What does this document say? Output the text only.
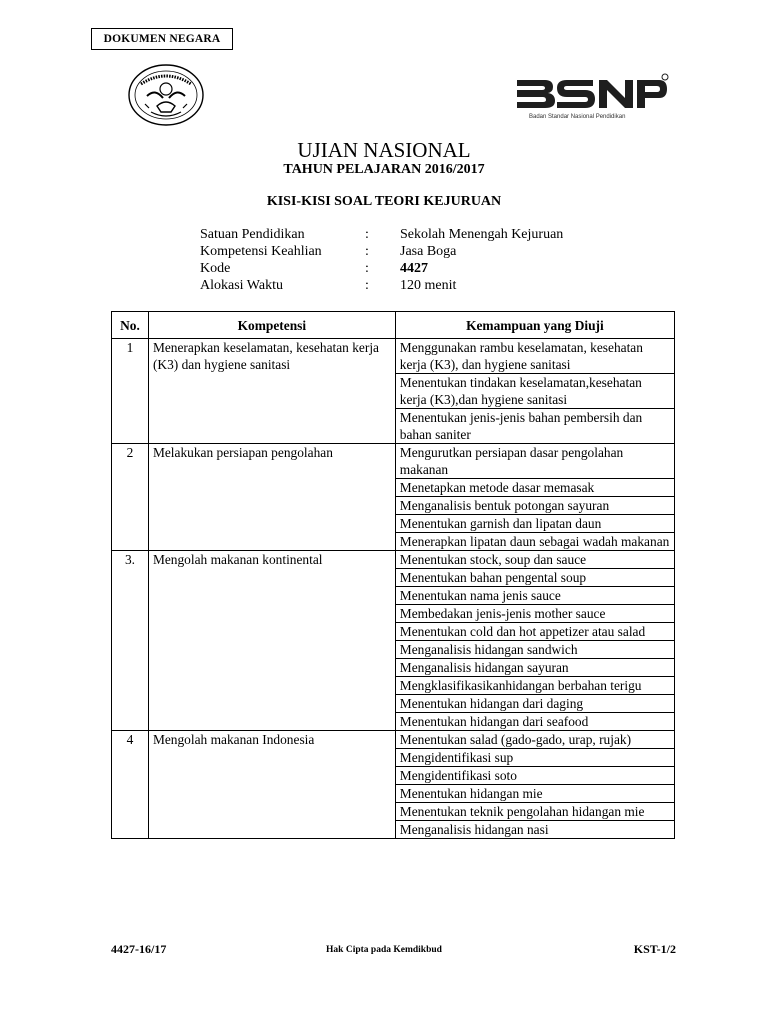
DOKUMEN NEGARA
Badan Standar Nasional Pendidikan
UJIAN NASIONAL
TAHUN PELAJARAN 2016/2017
KISI-KISI SOAL TEORI KEJURUAN
Satuan Pendidikan	:	Sekolah Menengah Kejuruan
Kompetensi Keahlian	:	Jasa Boga
Kode	:	4427
Alokasi Waktu	:	120 menit
No.	Kompetensi	Kemampuan yang Diuji
1	Menerapkan keselamatan, kesehatan kerja (K3) dan hygiene sanitasi	Menggunakan rambu keselamatan, kesehatan kerja (K3), dan hygiene sanitasi
		Menentukan tindakan keselamatan,kesehatan kerja (K3),dan hygiene sanitasi
		Menentukan jenis-jenis bahan pembersih dan bahan saniter
2	Melakukan persiapan pengolahan	Mengurutkan persiapan dasar pengolahan makanan
		Menetapkan metode dasar memasak
		Menganalisis bentuk potongan sayuran
		Menentukan garnish dan lipatan daun
		Menerapkan lipatan daun sebagai wadah makanan
3.	Mengolah makanan kontinental	Menentukan stock, soup dan sauce
		Menentukan bahan pengental soup
		Menentukan nama jenis sauce
		Membedakan jenis-jenis mother sauce
		Menentukan cold dan hot appetizer atau salad
		Menganalisis hidangan sandwich
		Menganalisis hidangan sayuran
		Mengklasifikasikanhidangan berbahan terigu
		Menentukan hidangan dari daging
		Menentukan hidangan dari seafood
4	Mengolah makanan Indonesia	Menentukan salad (gado-gado, urap, rujak)
		Mengidentifikasi sup
		Mengidentifikasi soto
		Menentukan hidangan mie
		Menentukan teknik pengolahan hidangan mie
		Menganalisis hidangan nasi
4427-16/17	Hak Cipta pada Kemdikbud	KST-1/2
